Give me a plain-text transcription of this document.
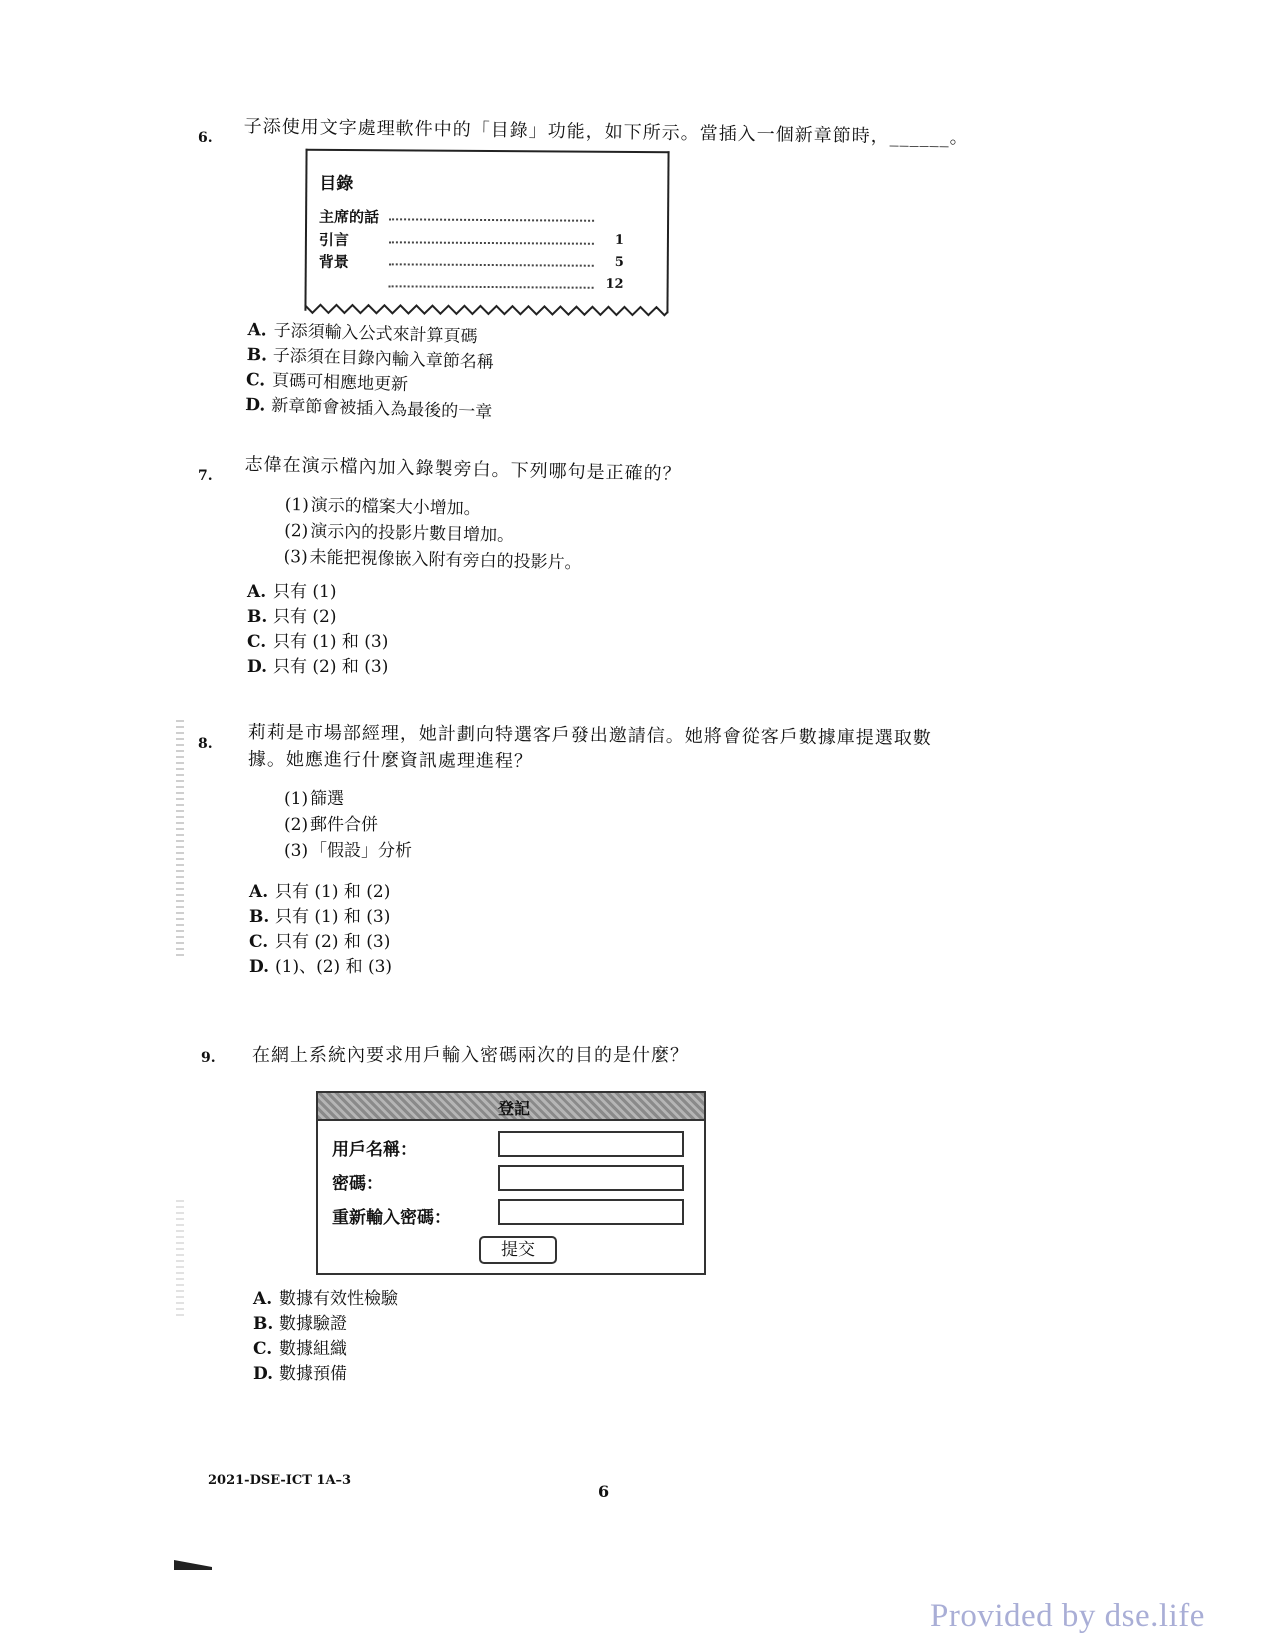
6. 子添使用文字處理軟件中的「目錄」功能，如下所示。當插入一個新章節時，______。
目錄
主席的話
引言	1
背景	5
12
A. 子添須輸入公式來計算頁碼
B. 子添須在目錄內輸入章節名稱
C. 頁碼可相應地更新
D. 新章節會被插入為最後的一章
7. 志偉在演示檔內加入錄製旁白。下列哪句是正確的？
(1)演示的檔案大小增加。
(2)演示內的投影片數目增加。
(3)未能把視像嵌入附有旁白的投影片。
A. 只有 (1)
B. 只有 (2)
C. 只有 (1) 和 (3)
D. 只有 (2) 和 (3)
8. 莉莉是市場部經理，她計劃向特選客戶發出邀請信。她將會從客戶數據庫提選取數
據。她應進行什麼資訊處理進程？
(1) 篩選
(2) 郵件合併
(3) 「假設」分析
A. 只有 (1) 和 (2)
B. 只有 (1) 和 (3)
C. 只有 (2) 和 (3)
D. (1)、(2) 和 (3)
9. 在網上系統內要求用戶輸入密碼兩次的目的是什麼？
登記
用戶名稱：
密碼：
重新輸入密碼：
提交
A. 數據有效性檢驗
B. 數據驗證
C. 數據組織
D. 數據預備
2021-DSE-ICT 1A–3
6
Provided by dse.life
